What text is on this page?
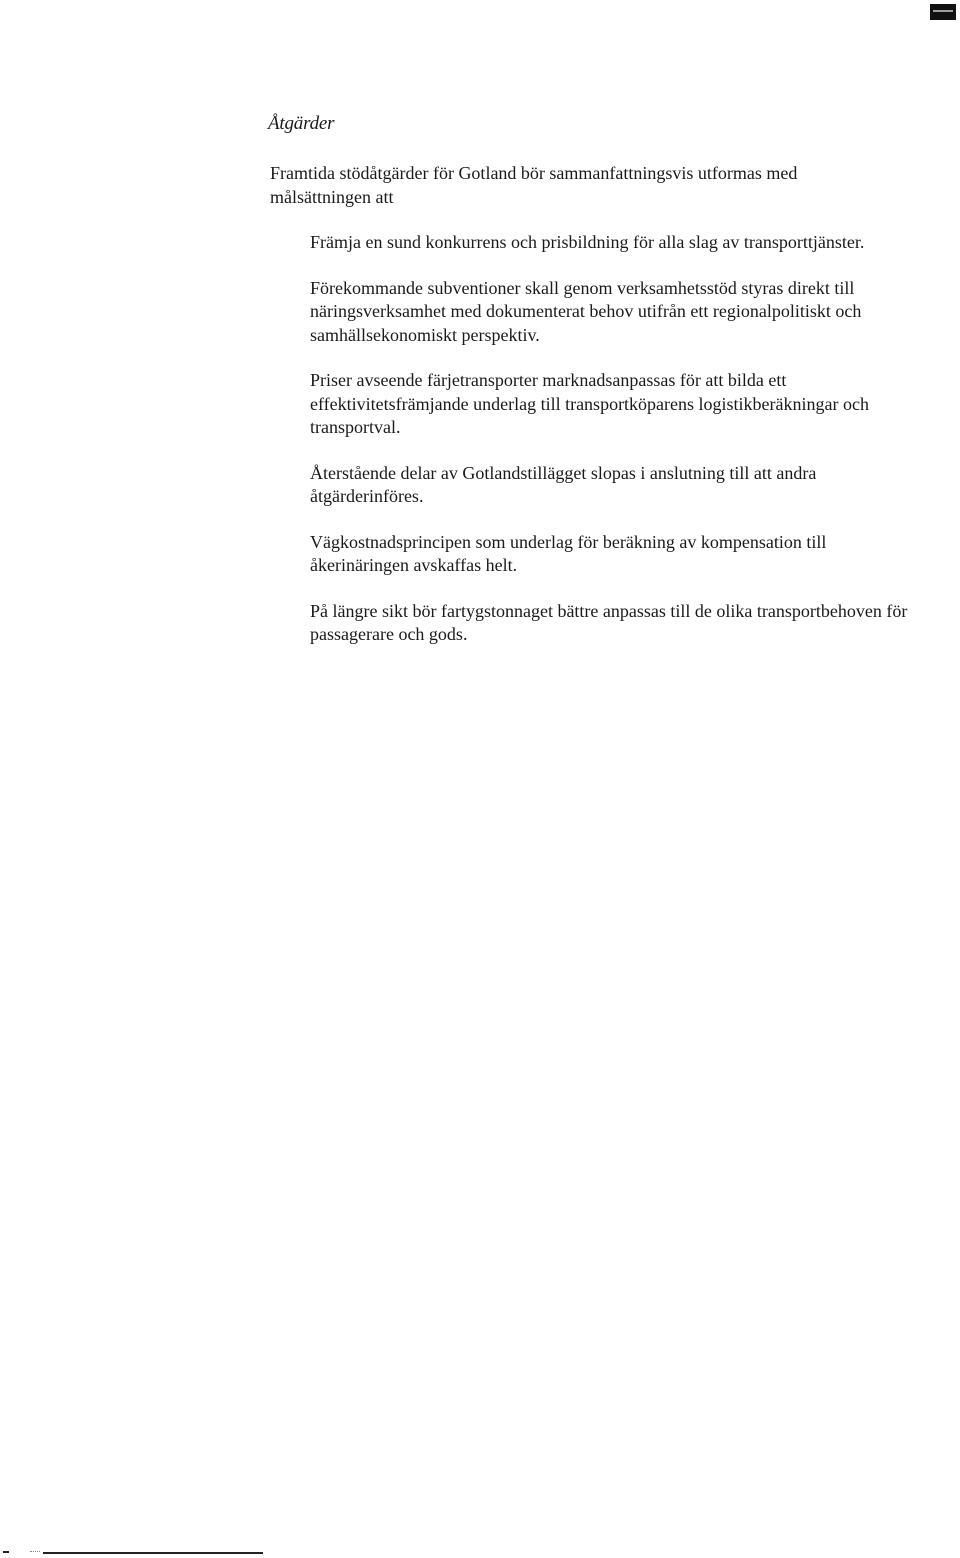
Åtgärder

Framtida stödåtgärder för Gotland bör sammanfattningsvis utformas med målsättningen att

Främja en sund konkurrens och prisbildning för alla slag av transporttjänster.
Förekommande subventioner skall genom verksamhetsstöd styras direkt till näringsverksamhet med dokumenterat behov utifrån ett regionalpolitiskt och samhällsekonomiskt perspektiv.
Priser avseende färjetransporter marknadsanpassas för att bilda ett effektivitetsfrämjande underlag till transportköparens logistikberäkningar och transportval.
Återstående delar av Gotlandstillägget slopas i anslutning till att andra åtgärderinföres.
Vägkostnadsprincipen som underlag för beräkning av kompensation till åkerinäringen avskaffas helt.
På längre sikt bör fartygstonnaget bättre anpassas till de olika transportbehoven för passagerare och gods.
